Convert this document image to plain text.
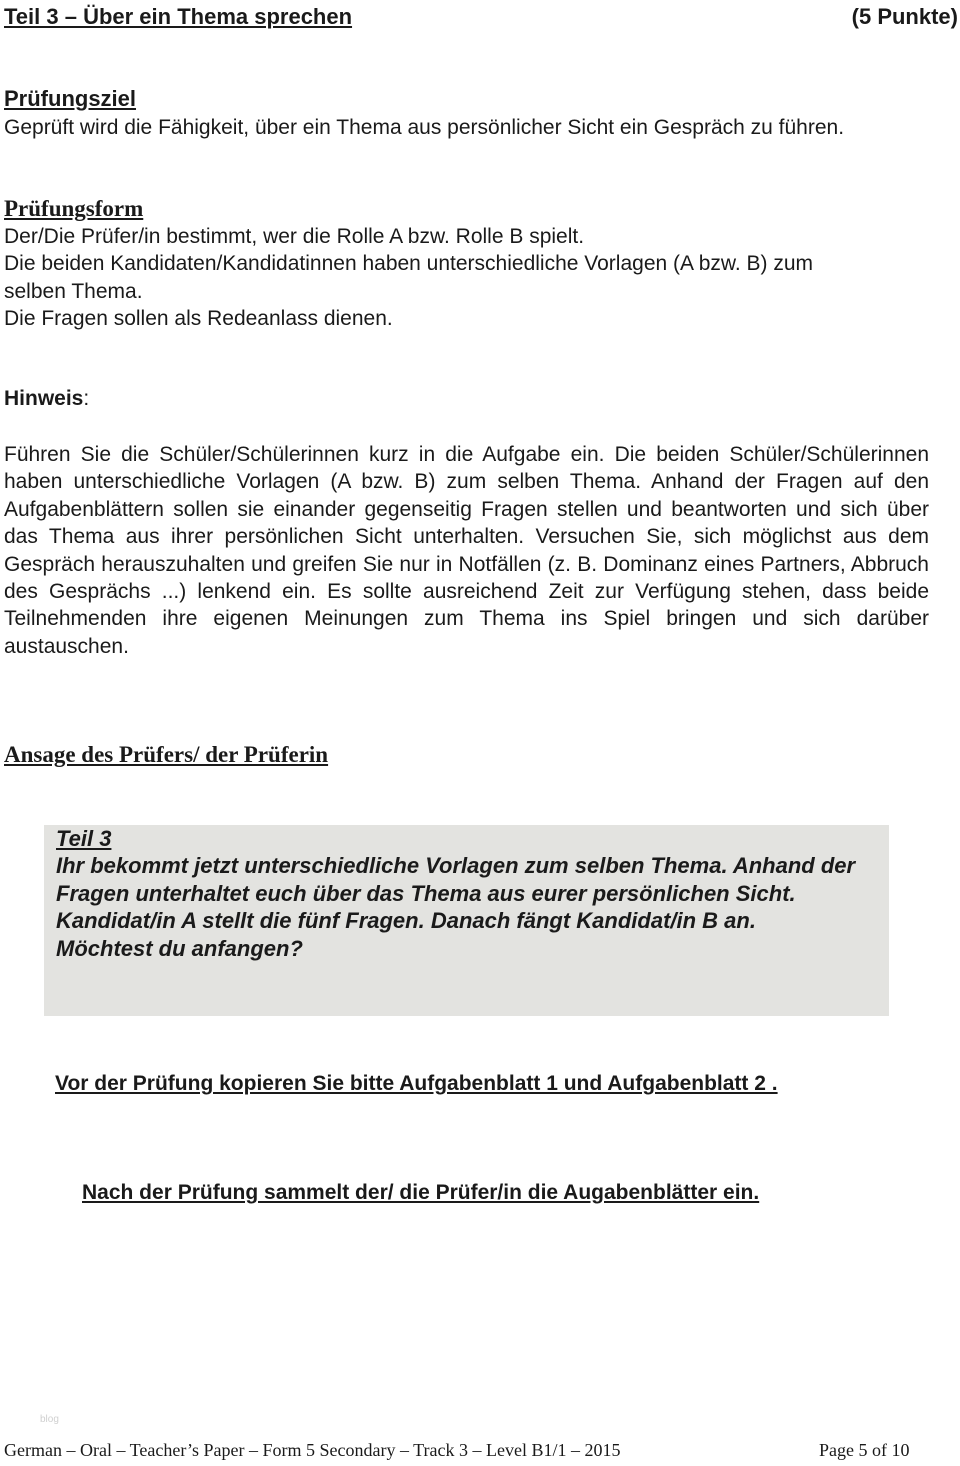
Teil 3 – Über ein Thema sprechen	(5 Punkte)
Prüfungsziel
Geprüft wird die Fähigkeit, über ein Thema aus persönlicher Sicht ein Gespräch zu führen.
Prüfungsform
Der/Die Prüfer/in bestimmt, wer die Rolle A bzw. Rolle B spielt.
Die beiden Kandidaten/Kandidatinnen haben unterschiedliche Vorlagen (A bzw. B) zum
selben Thema.
Die Fragen sollen als Redeanlass dienen.
Hinweis:
Führen Sie die Schüler/Schülerinnen kurz in die Aufgabe ein. Die beiden Schüler/Schülerinnen haben unterschiedliche Vorlagen (A bzw. B) zum selben Thema. Anhand der Fragen auf den Aufgabenblättern sollen sie einander gegenseitig Fragen stellen und beantworten und sich über das Thema aus ihrer persönlichen Sicht unterhalten. Versuchen Sie, sich möglichst aus dem Gespräch herauszuhalten und greifen Sie nur in Notfällen (z. B. Dominanz eines Partners, Abbruch des Gesprächs ...) lenkend ein. Es sollte ausreichend Zeit zur Verfügung stehen, dass beide Teilnehmenden ihre eigenen Meinungen zum Thema ins Spiel bringen und sich darüber austauschen.
Ansage des Prüfers/ der Prüferin
Teil 3
Ihr bekommt jetzt unterschiedliche Vorlagen zum selben Thema. Anhand der Fragen unterhaltet euch über das Thema aus eurer persönlichen Sicht.
Kandidat/in A stellt die fünf Fragen. Danach fängt Kandidat/in B an.
Möchtest du anfangen?
Vor der Prüfung kopieren Sie bitte Aufgabenblatt 1 und Aufgabenblatt 2 .
Nach der Prüfung sammelt der/ die Prüfer/in die Augabenblätter ein.
blog
German – Oral – Teacher’s Paper – Form 5 Secondary – Track 3 – Level B1/1 – 2015	Page 5 of 10
